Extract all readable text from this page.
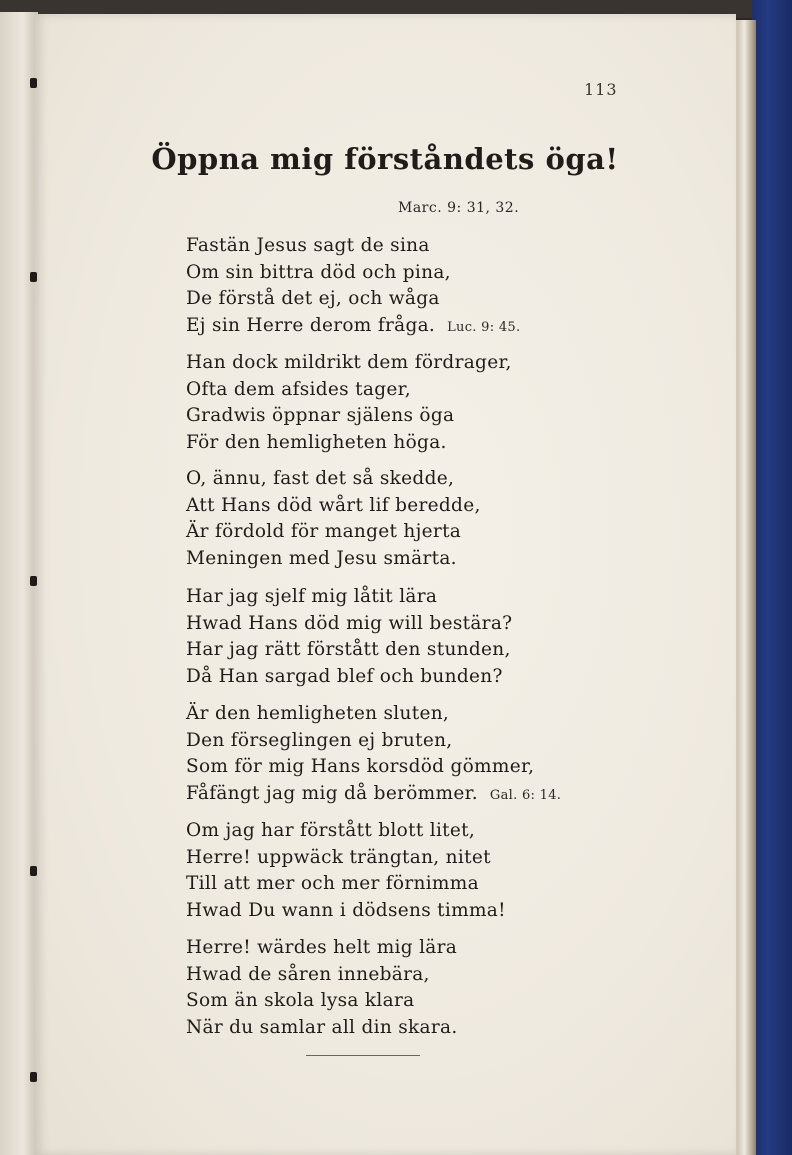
113
Öppna mig förståndets öga!
Marc. 9: 31, 32.
Fastän Jesus sagt de sina
Om sin bittra död och pina,
De förstå det ej, och wåga
Ej sin Herre derom fråga. Luc. 9: 45.
Han dock mildrikt dem fördrager,
Ofta dem afsides tager,
Gradwis öppnar själens öga
För den hemligheten höga.
O, ännu, fast det så skedde,
Att Hans död wårt lif beredde,
Är fördold för manget hjerta
Meningen med Jesu smärta.
Har jag sjelf mig låtit lära
Hwad Hans död mig will bestära?
Har jag rätt förstått den stunden,
Då Han sargad blef och bunden?
Är den hemligheten sluten,
Den förseglingen ej bruten,
Som för mig Hans korsdöd gömmer,
Fåfängt jag mig då berömmer. Gal. 6: 14.
Om jag har förstått blott litet,
Herre! uppwäck trängtan, nitet
Till att mer och mer förnimma
Hwad Du wann i dödsens timma!
Herre! wärdes helt mig lära
Hwad de såren innebära,
Som än skola lysa klara
När du samlar all din skara.
